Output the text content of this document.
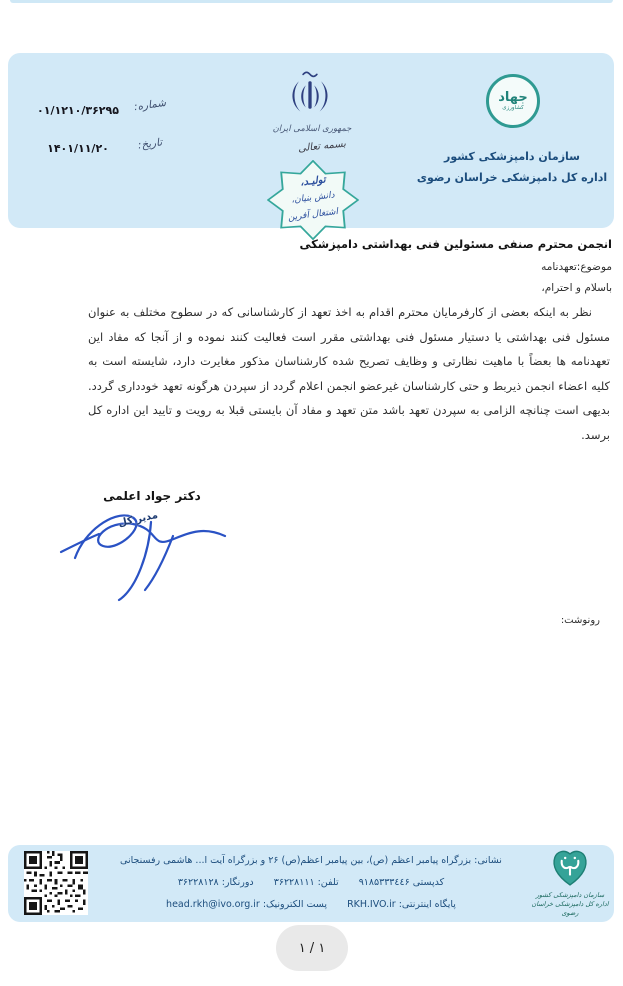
جهاد
کشاورزی
سازمان دامپزشکی کشور
اداره کل دامپزشکی خراسان رضوی
جمهوری اسلامی ایران
بسمه تعالی
تولیـد،
دانش بنیان،
اشتغال آفرین
شماره:
۰۱/۱۲۱۰/۳۶۲۹۵
تاریخ:
۱۴۰۱/۱۱/۲۰
انجمن محترم صنفی مسئولین فنی بهداشتی دامپزشکی
موضوع:تعهدنامه
باسلام و احترام،
نظر به اینکه بعضی از کارفرمایان محترم اقدام به اخذ تعهد از کارشناسانی که در سطوح مختلف به عنوان مسئول فنی بهداشتی یا دستیار مسئول فنی بهداشتی مقرر است فعالیت کنند نموده و از آنجا که مفاد این تعهدنامه ها بعضاً با ماهیت نظارتی و وظایف تصریح شده کارشناسان مذکور مغایرت دارد، شایسته است به کلیه اعضاء انجمن ذیربط و حتی کارشناسان غیرعضو انجمن اعلام گردد از سپردن هرگونه تعهد خودداری گردد. بدیهی است چنانچه الزامی به سپردن تعهد باشد متن تعهد و مفاد آن بایستی قبلا به رویت و تایید این اداره کل برسد.
دکتر جواد اعلمی
مدیر کل
رونوشت:
نشانی: بزرگراه پیامبر اعظم (ص)، بین پیامبر اعظم(ص) ۲۶ و بزرگراه آیت ا... هاشمی رفسنجانی
کدپستی ۹۱۸۵۳۳۳٤٤۶  تلفن: ۳۶۲۲۸۱۱۱  دورنگار: ۳۶۲۲۸۱۲۸
پایگاه اینترنتی: RKH.IVO.ir  پست الکترونیک: head.rkh@ivo.org.ir
سازمان دامپزشکی کشور
اداره کل دامپزشکی خراسان رضوی
۱ / ۱
